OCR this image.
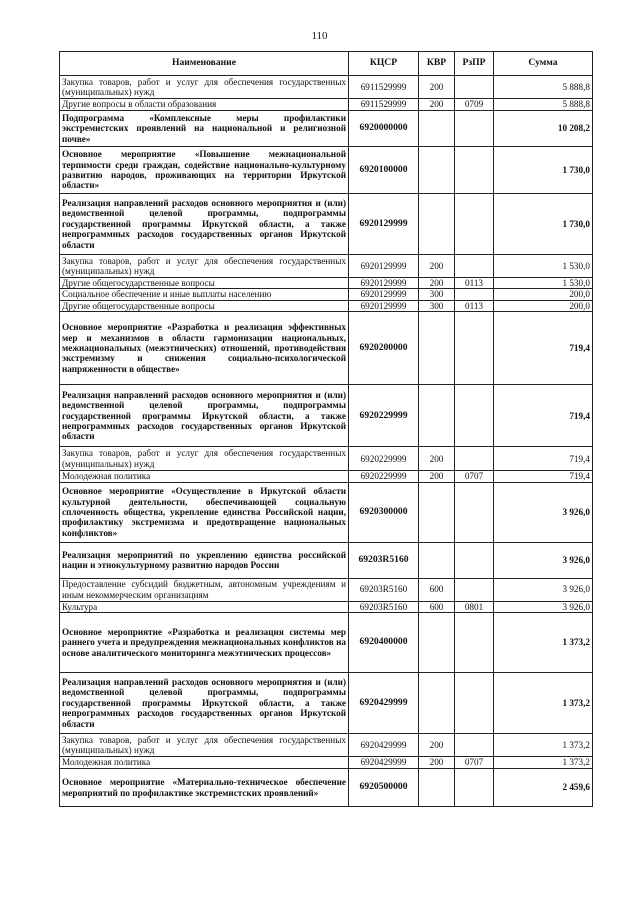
110
Наименование	КЦСР	КВР	РзПР	Сумма
Закупка товаров, работ и услуг для обеспечения государственных (муниципальных) нужд	6911529999	200		5 888,8
Другие вопросы в области образования	6911529999	200	0709	5 888,8
Подпрограмма «Комплексные меры профилактики экстремистских проявлений на национальной и религиозной почве»	6920000000			10 208,2
Основное мероприятие «Повышение межнациональной терпимости среди граждан, содействие национально-культурному развитию народов, проживающих на территории Иркутской области»	6920100000			1 730,0
Реализация направлений расходов основного мероприятия и (или) ведомственной целевой программы, подпрограммы государственной программы Иркутской области, а также непрограммных расходов государственных органов Иркутской области	6920129999			1 730,0
Закупка товаров, работ и услуг для обеспечения государственных (муниципальных) нужд	6920129999	200		1 530,0
Другие общегосударственные вопросы	6920129999	200	0113	1 530,0
Социальное обеспечение и иные выплаты населению	6920129999	300		200,0
Другие общегосударственные вопросы	6920129999	300	0113	200,0
Основное мероприятие «Разработка и реализация эффективных мер и механизмов в области гармонизации национальных, межнациональных (межэтнических) отношений, противодействия экстремизму и снижения социально-психологической напряженности в обществе»	6920200000			719,4
Реализация направлений расходов основного мероприятия и (или) ведомственной целевой программы, подпрограммы государственной программы Иркутской области, а также непрограммных расходов государственных органов Иркутской области	6920229999			719,4
Закупка товаров, работ и услуг для обеспечения государственных (муниципальных) нужд	6920229999	200		719,4
Молодежная политика	6920229999	200	0707	719,4
Основное мероприятие «Осуществление в Иркутской области культурной деятельности, обеспечивающей социальную сплоченность общества, укрепление единства Российской нации, профилактику экстремизма и предотвращение национальных конфликтов»	6920300000			3 926,0
Реализация мероприятий по укреплению единства российской нации и этнокультурному развитию народов России	69203R5160			3 926,0
Предоставление субсидий бюджетным, автономным учреждениям и иным некоммерческим организациям	69203R5160	600		3 926,0
Культура	69203R5160	600	0801	3 926,0
Основное мероприятие «Разработка и реализация системы мер раннего учета и предупреждения межнациональных конфликтов на основе аналитического мониторинга межэтнических процессов»	6920400000			1 373,2
Реализация направлений расходов основного мероприятия и (или) ведомственной целевой программы, подпрограммы государственной программы Иркутской области, а также непрограммных расходов государственных органов Иркутской области	6920429999			1 373,2
Закупка товаров, работ и услуг для обеспечения государственных (муниципальных) нужд	6920429999	200		1 373,2
Молодежная политика	6920429999	200	0707	1 373,2
Основное мероприятие «Материально-техническое обеспечение мероприятий по профилактике экстремистских проявлений»	6920500000			2 459,6
